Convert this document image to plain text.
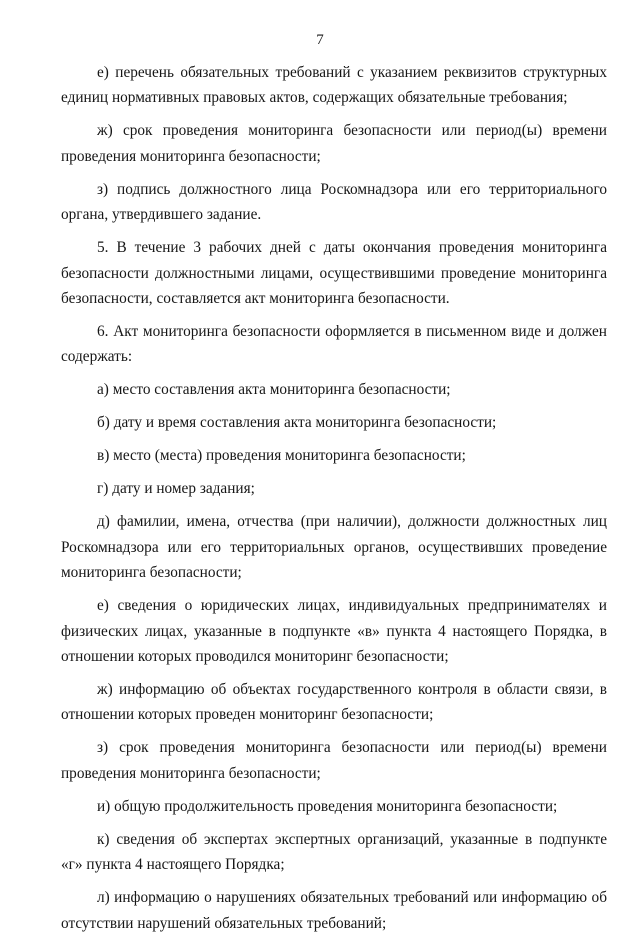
7

е) перечень обязательных требований с указанием реквизитов структурных единиц нормативных правовых актов, содержащих обязательные требования;

ж) срок проведения мониторинга безопасности или период(ы) времени проведения мониторинга безопасности;

з) подпись должностного лица Роскомнадзора или его территориального органа, утвердившего задание.

5. В течение 3 рабочих дней с даты окончания проведения мониторинга безопасности должностными лицами, осуществившими проведение мониторинга безопасности, составляется акт мониторинга безопасности.

6. Акт мониторинга безопасности оформляется в письменном виде и должен содержать:

а) место составления акта мониторинга безопасности;

б) дату и время составления акта мониторинга безопасности;

в) место (места) проведения мониторинга безопасности;

г) дату и номер задания;

д) фамилии, имена, отчества (при наличии), должности должностных лиц Роскомнадзора или его территориальных органов, осуществивших проведение мониторинга безопасности;

е) сведения о юридических лицах, индивидуальных предпринимателях и физических лицах, указанные в подпункте «в» пункта 4 настоящего Порядка, в отношении которых проводился мониторинг безопасности;

ж) информацию об объектах государственного контроля в области связи, в отношении которых проведен мониторинг безопасности;

з) срок проведения мониторинга безопасности или период(ы) времени проведения мониторинга безопасности;

и) общую продолжительность проведения мониторинга безопасности;

к) сведения об экспертах экспертных организаций, указанные в подпункте «г» пункта 4 настоящего Порядка;

л) информацию о нарушениях обязательных требований или информацию об отсутствии нарушений обязательных требований;
